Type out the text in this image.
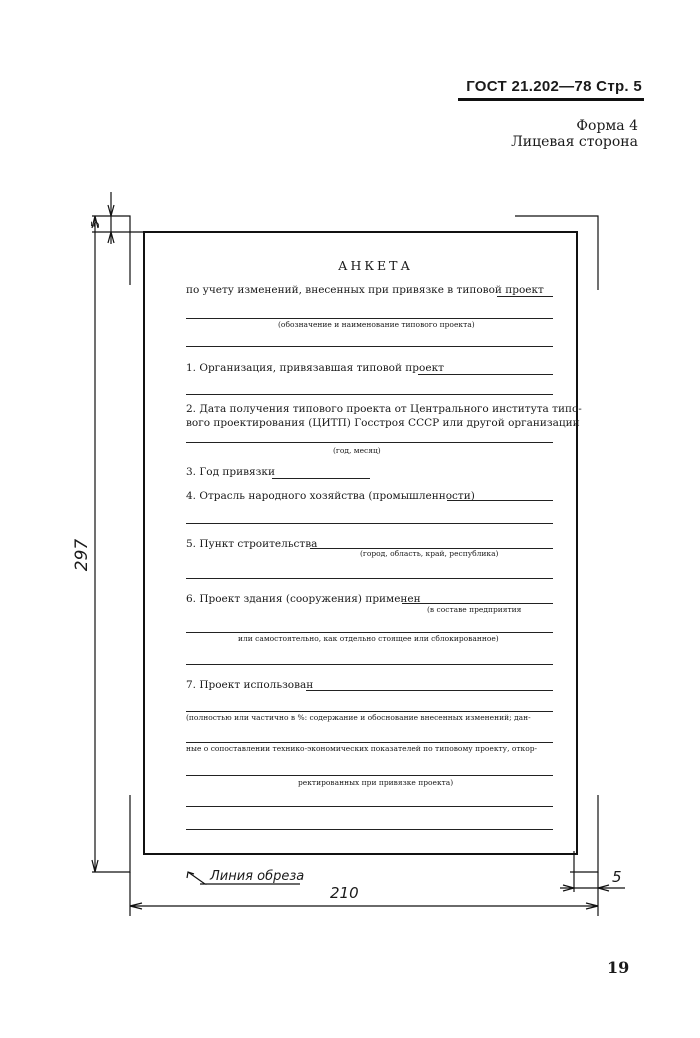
ГОСТ 21.202—78 Стр. 5
Форма 4
Лицевая сторона
АНКЕТА
по учету изменений, внесенных при привязке в типовой проект
(обозначение и наименование типового проекта)
1. Организация, привязавшая типовой проект
2. Дата получения типового проекта от Центрального института типо-
вого проектирования (ЦИТП) Госстроя СССР или другой организации
(год, месяц)
3. Год привязки
4. Отрасль народного хозяйства (промышленности)
5. Пункт строительства
(город, область, край, республика)
6. Проект здания (сооружения) применен
(в составе предприятия
или самостоятельно, как отдельно стоящее или сблокированное)
7. Проект использован
(полностью или частично в %: содержание и обоснование внесенных изменений; дан-
ные о сопоставлении технико-экономических показателей по типовому проекту, откор-
ректированных при привязке проекта)
297
5
210
5
Линия обреза
19
